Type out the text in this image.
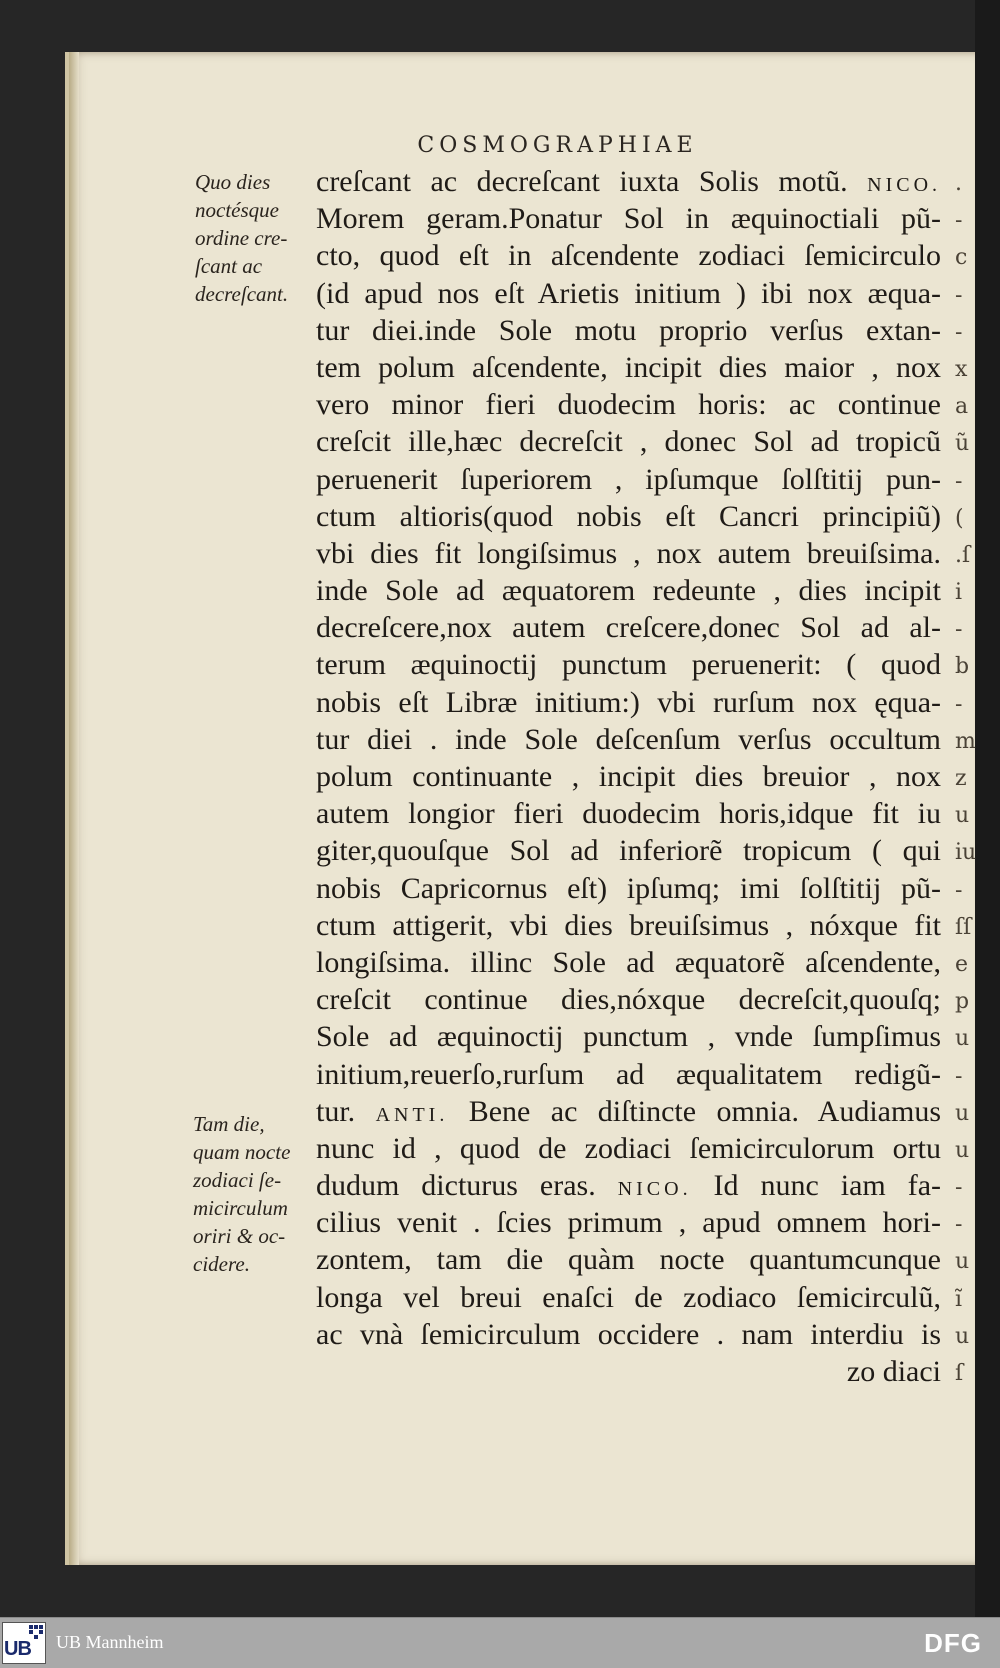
COSMOGRAPHIAE
Quo dies
noctésque
ordine cre-
ſcant ac
decreſcant.
Tam die,
quam nocte
zodiaci ſe-
micirculum
oriri & oc-
cidere.
creſcant ac decreſcant iuxta Solis motũ. NICO.
Morem geram.Ponatur Sol in æquinoctiali pũ-
cto, quod eſt in aſcendente zodiaci ſemicirculo
(id apud nos eſt Arietis initium ) ibi nox æqua-
tur diei.inde Sole motu proprio verſus extan-
tem polum aſcendente, incipit dies maior , nox
vero minor fieri duodecim horis: ac continue
creſcit ille,hæc decreſcit , donec Sol ad tropicũ
peruenerit ſuperiorem , ipſumque ſolſtitij pun-
ctum altioris(quod nobis eſt Cancri principiũ)
vbi dies fit longiſsimus , nox autem breuiſsima.
inde Sole ad æquatorem redeunte , dies incipit
decreſcere,nox autem creſcere,donec Sol ad al-
terum æquinoctij punctum peruenerit: ( quod
nobis eſt Libræ initium:) vbi rurſum nox ęqua-
tur diei . inde Sole deſcenſum verſus occultum
polum continuante , incipit dies breuior , nox
autem longior fieri duodecim horis,idque fit iu
giter,quouſque Sol ad inferiorẽ tropicum ( qui
nobis Capricornus eſt) ipſumq; imi ſolſtitij pũ-
ctum attigerit, vbi dies breuiſsimus , nóxque fit
longiſsima. illinc Sole ad æquatorẽ aſcendente,
creſcit continue dies,nóxque decreſcit,quouſq;
Sole ad æquinoctij punctum , vnde ſumpſimus
initium,reuerſo,rurſum ad æqualitatem redigũ-
tur. ANTI. Bene ac diſtincte omnia. Audiamus
nunc id , quod de zodiaci ſemicirculorum ortu
dudum dicturus eras. NICO. Id nunc iam fa-
cilius venit . ſcies primum , apud omnem hori-
zontem, tam die quàm nocte quantumcunque
longa vel breui enaſci de zodiaco ſemicirculũ,
ac vnà ſemicirculum occidere . nam interdiu is
zo diaci
.
-
c
-
-
x
a
ũ
-
(
.ſ
i
-
b
-
m
z
u
iu
-
ſſ
e
p
u
-
u
u
-
-
u
ĩ
u
ſ
UB UB Mannheim	DFG
